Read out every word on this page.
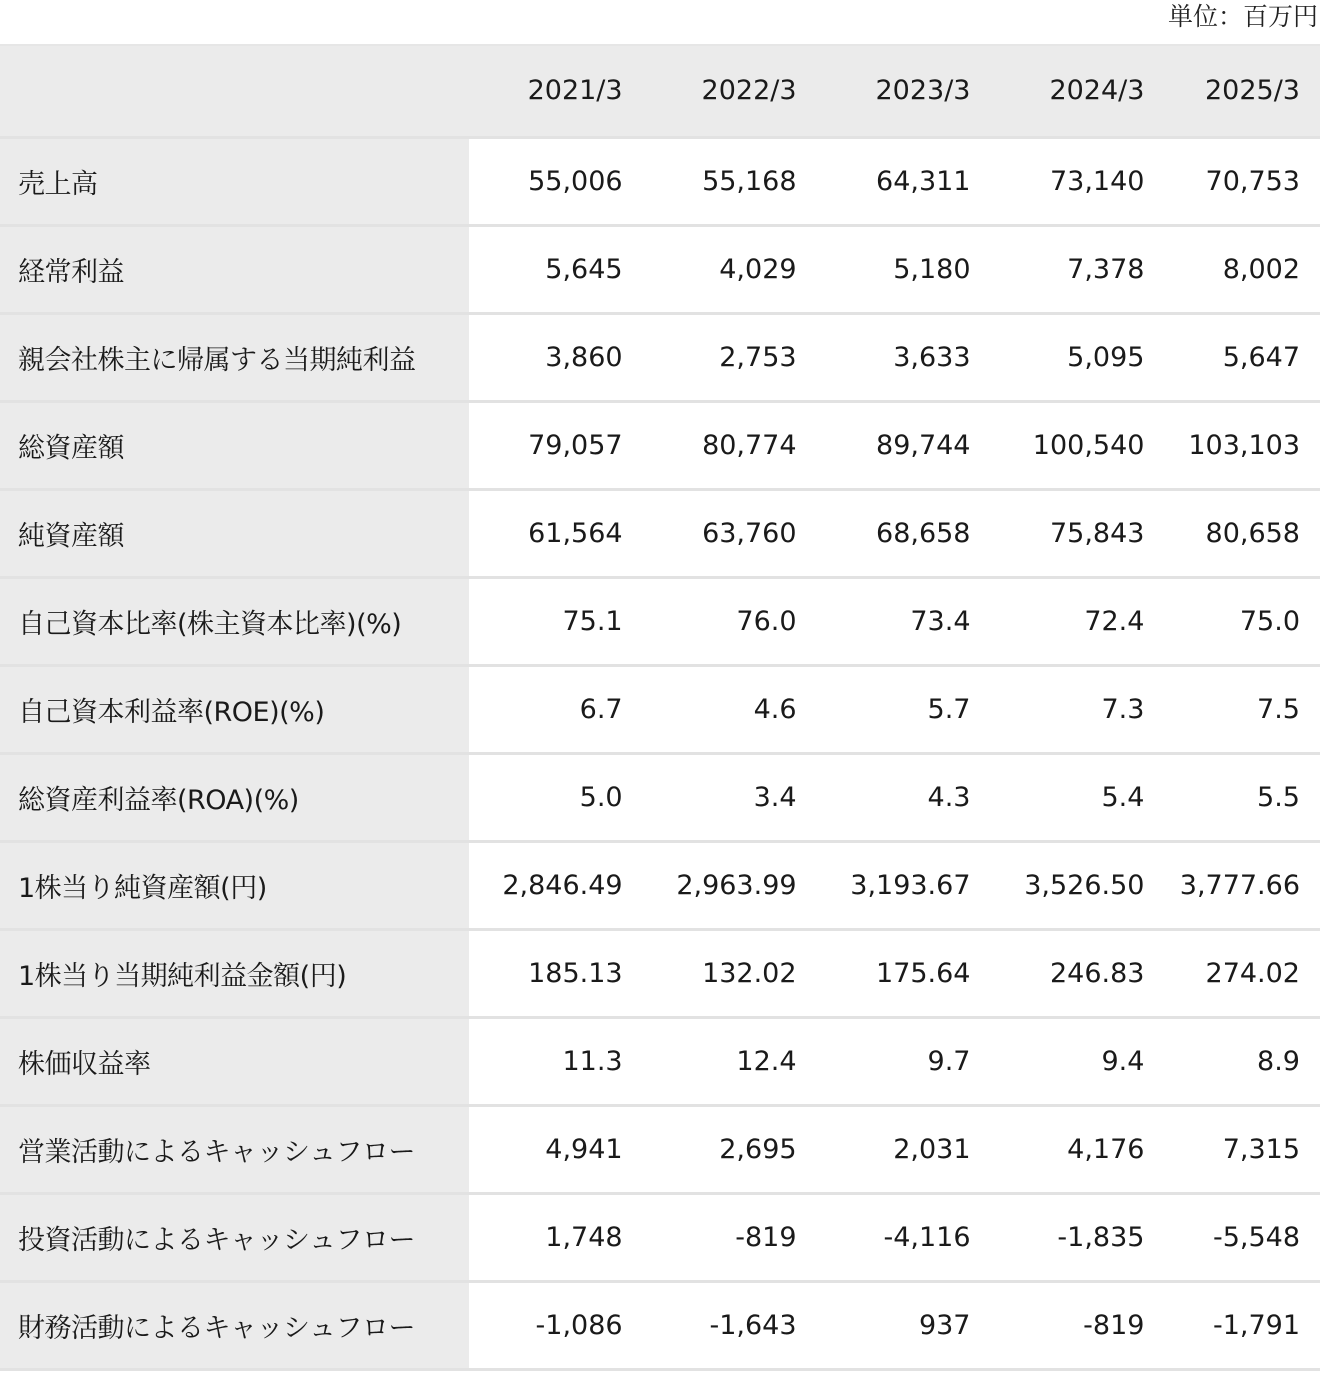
単位：百万円
	2021/3	2022/3	2023/3	2024/3	2025/3
売上高	55,006	55,168	64,311	73,140	70,753
経常利益	5,645	4,029	5,180	7,378	8,002
親会社株主に帰属する当期純利益	3,860	2,753	3,633	5,095	5,647
総資産額	79,057	80,774	89,744	100,540	103,103
純資産額	61,564	63,760	68,658	75,843	80,658
自己資本比率(株主資本比率)(%)	75.1	76.0	73.4	72.4	75.0
自己資本利益率(ROE)(%)	6.7	4.6	5.7	7.3	7.5
総資産利益率(ROA)(%)	5.0	3.4	4.3	5.4	5.5
1株当り純資産額(円)	2,846.49	2,963.99	3,193.67	3,526.50	3,777.66
1株当り当期純利益金額(円)	185.13	132.02	175.64	246.83	274.02
株価収益率	11.3	12.4	9.7	9.4	8.9
営業活動によるキャッシュフロー	4,941	2,695	2,031	4,176	7,315
投資活動によるキャッシュフロー	1,748	-819	-4,116	-1,835	-5,548
財務活動によるキャッシュフロー	-1,086	-1,643	937	-819	-1,791
